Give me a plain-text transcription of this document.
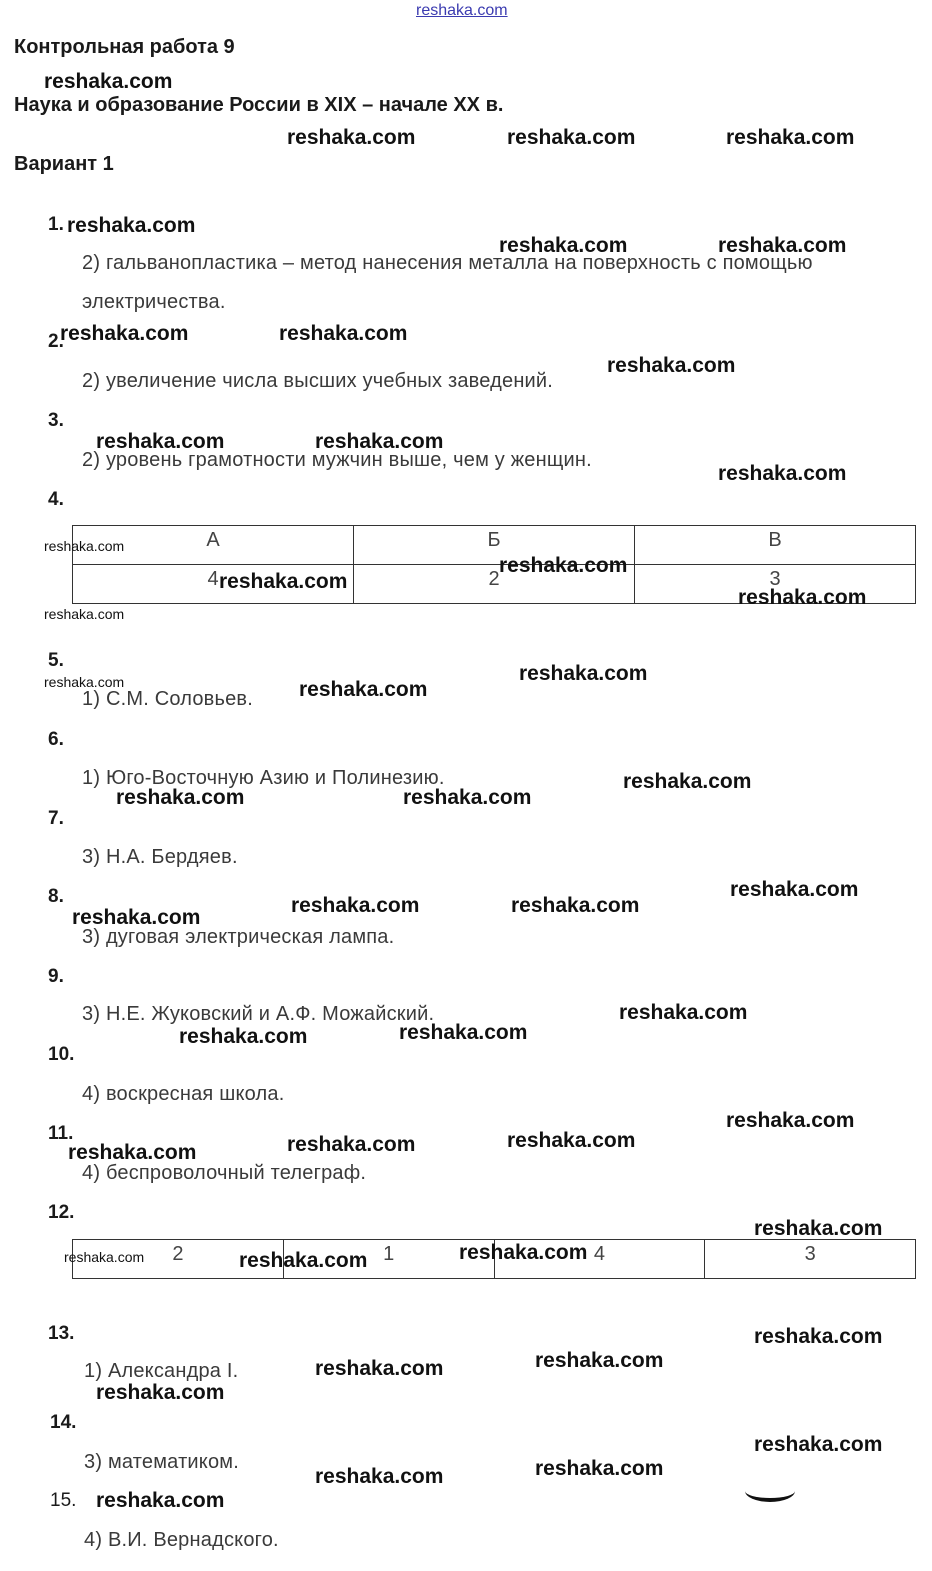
reshaka.com
Контрольная работа 9
Наука и образование России в XIX – начале XX в.
Вариант 1
1.
2) гальванопластика – метод нанесения металла на поверхность с помощью
электричества.
2.
2) увеличение числа высших учебных заведений.
3.
2) уровень грамотности мужчин выше, чем у женщин.
4.
А	Б	В
4	2	3
5.
1) С.М. Соловьев.
6.
1) Юго-Восточную Азию и Полинезию.
7.
3) Н.А. Бердяев.
8.
3) дуговая электрическая лампа.
9.
3) Н.Е. Жуковский и А.Ф. Можайский.
10.
4) воскресная школа.
11.
4) беспроволочный телеграф.
12.
2	1	4	3
13.
1) Александра I.
14.
3) математиком.
15.
4) В.И. Вернадского.
reshaka.com
reshaka.com	reshaka.com	reshaka.com
reshaka.com
reshaka.com	reshaka.com
reshaka.com	reshaka.com
reshaka.com
reshaka.com	reshaka.com
reshaka.com
reshaka.com
reshaka.com
reshaka.com
reshaka.com
reshaka.com
reshaka.com
reshaka.com	reshaka.com
reshaka.com
reshaka.com	reshaka.com
reshaka.com
reshaka.com
reshaka.com	reshaka.com
reshaka.com
reshaka.com	reshaka.com
reshaka.com
reshaka.com
reshaka.com	reshaka.com
reshaka.com
reshaka.com	reshaka.com
reshaka.com
reshaka.com
reshaka.com	reshaka.com
reshaka.com
reshaka.com
reshaka.com
reshaka.com
reshaka.com
